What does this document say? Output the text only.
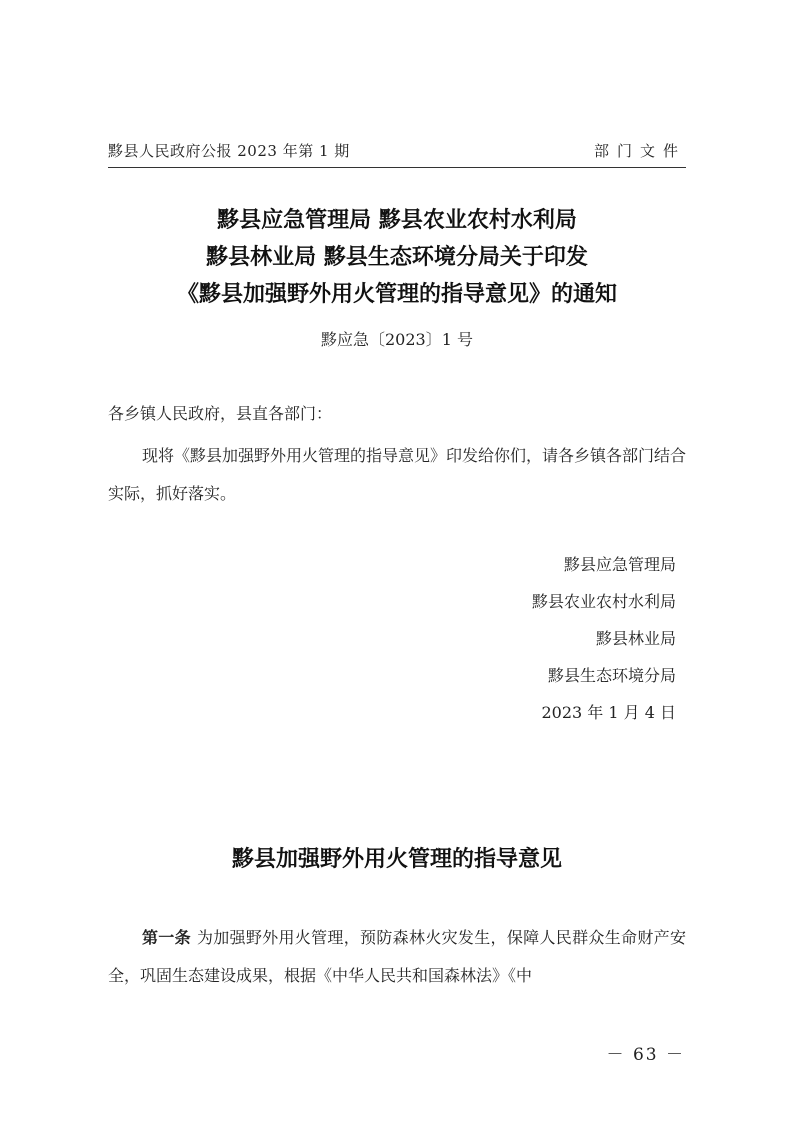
黟县人民政府公报 2023 年第 1 期	部门文件
黟县应急管理局 黟县农业农村水利局
黟县林业局 黟县生态环境分局关于印发
《黟县加强野外用火管理的指导意见》的通知
黟应急〔2023〕1 号
各乡镇人民政府，县直各部门：
现将《黟县加强野外用火管理的指导意见》印发给你们，请各乡镇各部门结合实际，抓好落实。
黟县应急管理局
黟县农业农村水利局
黟县林业局
黟县生态环境分局
2023 年 1 月 4 日
黟县加强野外用火管理的指导意见
第一条 为加强野外用火管理，预防森林火灾发生，保障人民群众生命财产安全，巩固生态建设成果，根据《中华人民共和国森林法》《中
－ 63 －
